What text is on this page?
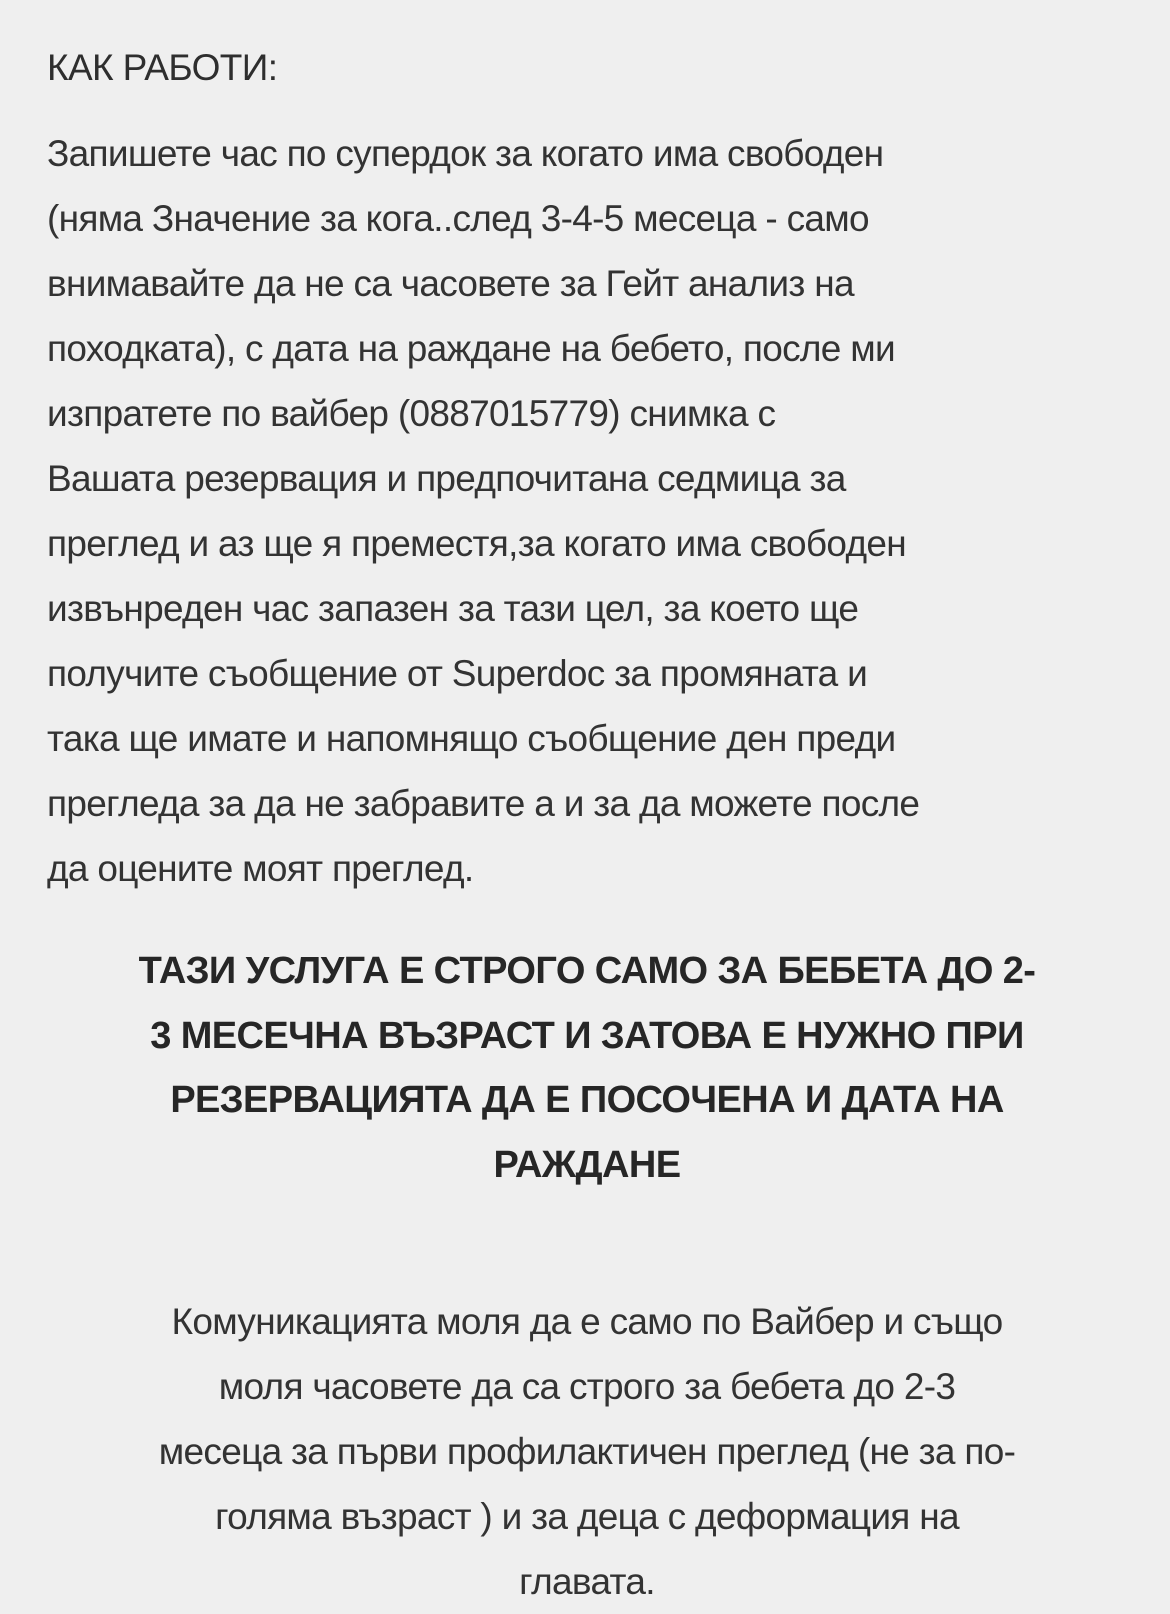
КАК РАБОТИ:
Запишете час по супердок за когато има свободен
(няма Значение за кога..след 3-4-5 месеца - само
внимавайте да не са часовете за Гейт анализ на
походката), с дата на раждане на бебето, после ми
изпратете по вайбер (0887015779) снимка с
Вашата резервация и предпочитана седмица за
преглед и аз ще я преместя,за когато има свободен
извънреден час запазен за тази цел, за което ще
получите съобщение от Superdoc за промяната и
така ще имате и напомнящо съобщение ден преди
прегледа за да не забравите а и за да можете после
да оцените моят преглед.
ТАЗИ УСЛУГА Е СТРОГО САМО ЗА БЕБЕТА ДО 2-
3 МЕСЕЧНА ВЪЗРАСТ И ЗАТОВА Е НУЖНО ПРИ
РЕЗЕРВАЦИЯТА ДА Е ПОСОЧЕНА И ДАТА НА
РАЖДАНЕ
Комуникацията моля да е само по Вайбер и също
моля часовете да са строго за бебета до 2-3
месеца за първи профилактичен преглед (не за по-
голяма възраст ) и за деца с деформация на
главата.
